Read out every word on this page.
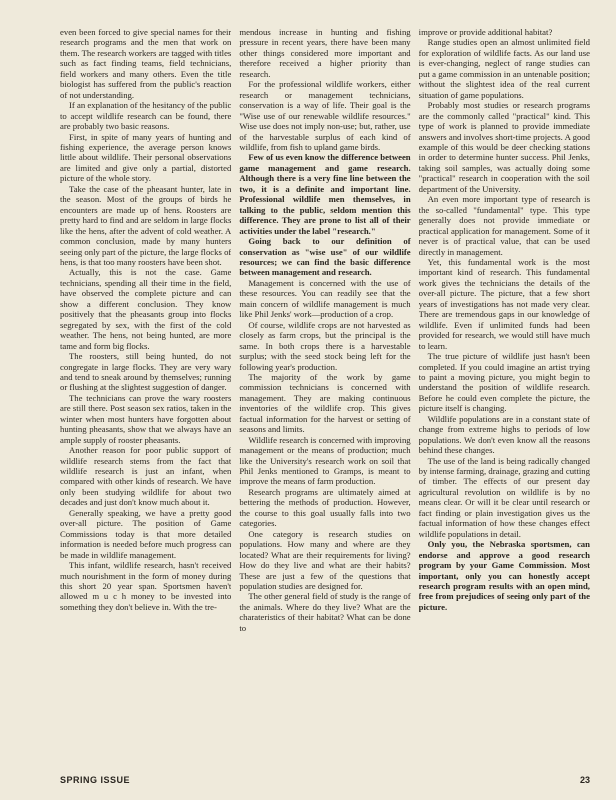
even been forced to give special names for their research programs and the men that work on them. The research workers are tagged with titles such as fact finding teams, field technicians, field workers and many others. Even the title biologist has suffered from the public's reaction of not understanding.

If an explanation of the hesitancy of the public to accept wildlife research can be found, there are probably two basic reasons.

First, in spite of many years of hunting and fishing experience, the average person knows little about wildlife. Their personal observations are limited and give only a partial, distorted picture of the whole story.

Take the case of the pheasant hunter, late in the season. Most of the groups of birds he encounters are made up of hens. Roosters are pretty hard to find and are seldom in large flocks like the hens, after the advent of cold weather. A common conclusion, made by many hunters seeing only part of the picture, the large flocks of hens, is that too many roosters have been shot.

Actually, this is not the case. Game technicians, spending all their time in the field, have observed the complete picture and can show a different conclusion. They know positively that the pheasants group into flocks segregated by sex, with the first of the cold weather. The hens, not being hunted, are more tame and form big flocks.

The roosters, still being hunted, do not congregate in large flocks. They are very wary and tend to sneak around by themselves; running or flushing at the slightest suggestion of danger.

The technicians can prove the wary roosters are still there. Post season sex ratios, taken in the winter when most hunters have forgotten about hunting pheasants, show that we always have an ample supply of rooster pheasants.

Another reason for poor public support of wildlife research stems from the fact that wildlife research is just an infant, when compared with other kinds of research. We have only been studying wildlife for about two decades and just don't know much about it.

Generally speaking, we have a pretty good over-all picture. The position of Game Commissions today is that more detailed information is needed before much progress can be made in wildlife management.

This infant, wildlife research, hasn't received much nourishment in the form of money during this short 20 year span. Sportsmen haven't allowed m u c h money to be invested into something they don't believe in. With the tre-

mendous increase in hunting and fishing pressure in recent years, there have been many other things considered more important and therefore received a higher priority than research.

For the professional wildlife workers, either research or management technicians, conservation is a way of life. Their goal is the "Wise use of our renewable wildlife resources." Wise use does not imply non-use; but, rather, use of the harvestable surplus of each kind of wildlife, from fish to upland game birds.

Few of us even know the difference between game management and game research. Although there is a very fine line between the two, it is a definite and important line. Professional wildlife men themselves, in talking to the public, seldom mention this difference. They are prone to list all of their activities under the label "research."

Going back to our definition of conservation as "wise use" of our wildlife resources; we can find the basic difference between management and research.

Management is concerned with the use of these resources. You can readily see that the main concern of wildlife management is much like Phil Jenks' work—production of a crop.

Of course, wildlife crops are not harvested as closely as farm crops, but the principal is the same. In both crops there is a harvestable surplus; with the seed stock being left for the following year's production.

The majority of the work by game commission technicians is concerned with management. They are making continuous inventories of the wildlife crop. This gives factual information for the harvest or setting of seasons and limits.

Wildlife research is concerned with improving management or the means of production; much like the University's research work on soil that Phil Jenks mentioned to Gramps, is meant to improve the means of farm production.

Research programs are ultimately aimed at bettering the methods of production. However, the course to this goal usually falls into two categories.

One category is research studies on populations. How many and where are they located? What are their requirements for living? How do they live and what are their habits? These are just a few of the questions that population studies are designed for.

The other general field of study is the range of the animals. Where do they live? What are the charateristics of their habitat? What can be done to

improve or provide additional habitat?

Range studies open an almost unlimited field for exploration of wildlife facts. As our land use is ever-changing, neglect of range studies can put a game commission in an untenable position; without the slightest idea of the real current situation of game populations.

Probably most studies or research programs are the commonly called "practical" kind. This type of work is planned to provide immediate answers and involves short-time projects. A good example of this would be deer checking stations in order to determine hunter success. Phil Jenks, taking soil samples, was actually doing some "practical" research in cooperation with the soil department of the University.

An even more important type of research is the so-called "fundamental" type. This type generally does not provide immediate or practical application for management. Some of it never is of practical value, that can be used directly in management.

Yet, this fundamental work is the most important kind of research. This fundamental work gives the technicians the details of the over-all picture. The picture, that a few short years of investigations has not made very clear. There are tremendous gaps in our knowledge of wildlife. Even if unlimited funds had been provided for research, we would still have much to learn.

The true picture of wildlife just hasn't been completed. If you could imagine an artist trying to paint a moving picture, you might begin to understand the position of wildlife research. Before he could even complete the picture, the picture itself is changing.

Wildlife populations are in a constant state of change from extreme highs to periods of low populations. We don't even know all the reasons behind these changes.

The use of the land is being radically changed by intense farming, drainage, grazing and cutting of timber. The effects of our present day agricultural revolution on wildlife is by no means clear. Or will it be clear until research or fact finding or plain investigation gives us the factual information of how these changes effect wildlife populations in detail.

Only you, the Nebraska sportsmen, can endorse and approve a good research program by your Game Commission. Most important, only you can honestly accept research program results with an open mind, free from prejudices of seeing only part of the picture.

SPRING ISSUE	23
